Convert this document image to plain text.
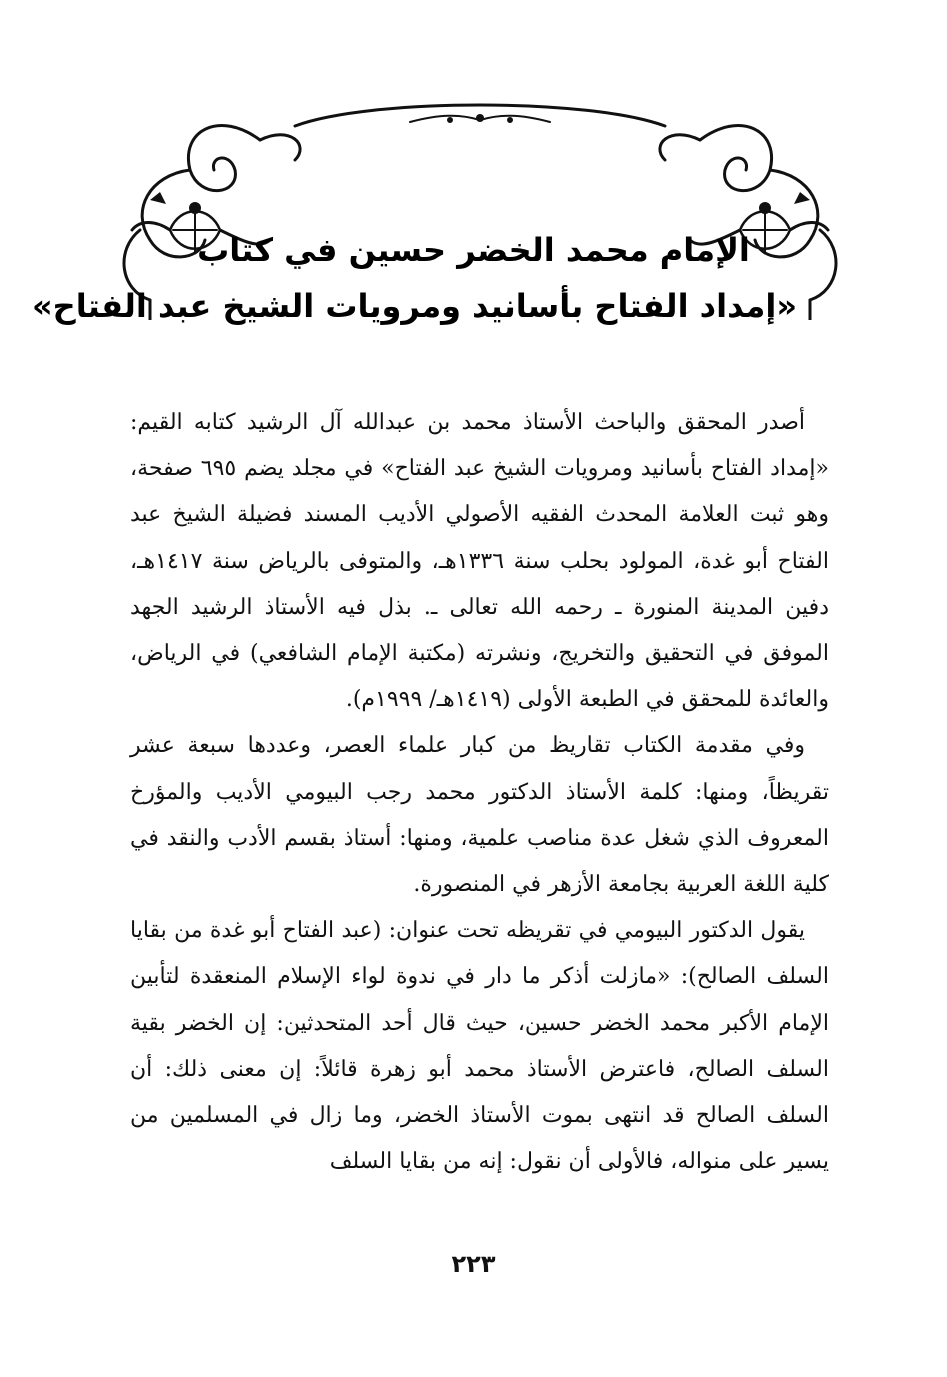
الإمام محمد الخضر حسين في كتاب
«إمداد الفتاح بأسانيد ومرويات الشيخ عبد الفتاح»

أصدر المحقق والباحث الأستاذ محمد بن عبدالله آل الرشيد كتابه القيم: «إمداد الفتاح بأسانيد ومرويات الشيخ عبد الفتاح» في مجلد يضم ٦٩٥ صفحة، وهو ثبت العلامة المحدث الفقيه الأصولي الأديب المسند فضيلة الشيخ عبد الفتاح أبو غدة، المولود بحلب سنة ١٣٣٦هـ، والمتوفى بالرياض سنة ١٤١٧هـ، دفين المدينة المنورة ـ رحمه الله تعالى ـ. بذل فيه الأستاذ الرشيد الجهد الموفق في التحقيق والتخريج، ونشرته (مكتبة الإمام الشافعي) في الرياض، والعائدة للمحقق في الطبعة الأولى (١٤١٩هـ/ ١٩٩٩م).

وفي مقدمة الكتاب تقاريظ من كبار علماء العصر، وعددها سبعة عشر تقريظاً، ومنها: كلمة الأستاذ الدكتور محمد رجب البيومي الأديب والمؤرخ المعروف الذي شغل عدة مناصب علمية، ومنها: أستاذ بقسم الأدب والنقد في كلية اللغة العربية بجامعة الأزهر في المنصورة.

يقول الدكتور البيومي في تقريظه تحت عنوان: (عبد الفتاح أبو غدة من بقايا السلف الصالح): «مازلت أذكر ما دار في ندوة لواء الإسلام المنعقدة لتأبين الإمام الأكبر محمد الخضر حسين، حيث قال أحد المتحدثين: إن الخضر بقية السلف الصالح، فاعترض الأستاذ محمد أبو زهرة قائلاً: إن معنى ذلك: أن السلف الصالح قد انتهى بموت الأستاذ الخضر، وما زال في المسلمين من يسير على منواله، فالأولى أن نقول: إنه من بقايا السلف

٢٢٣
